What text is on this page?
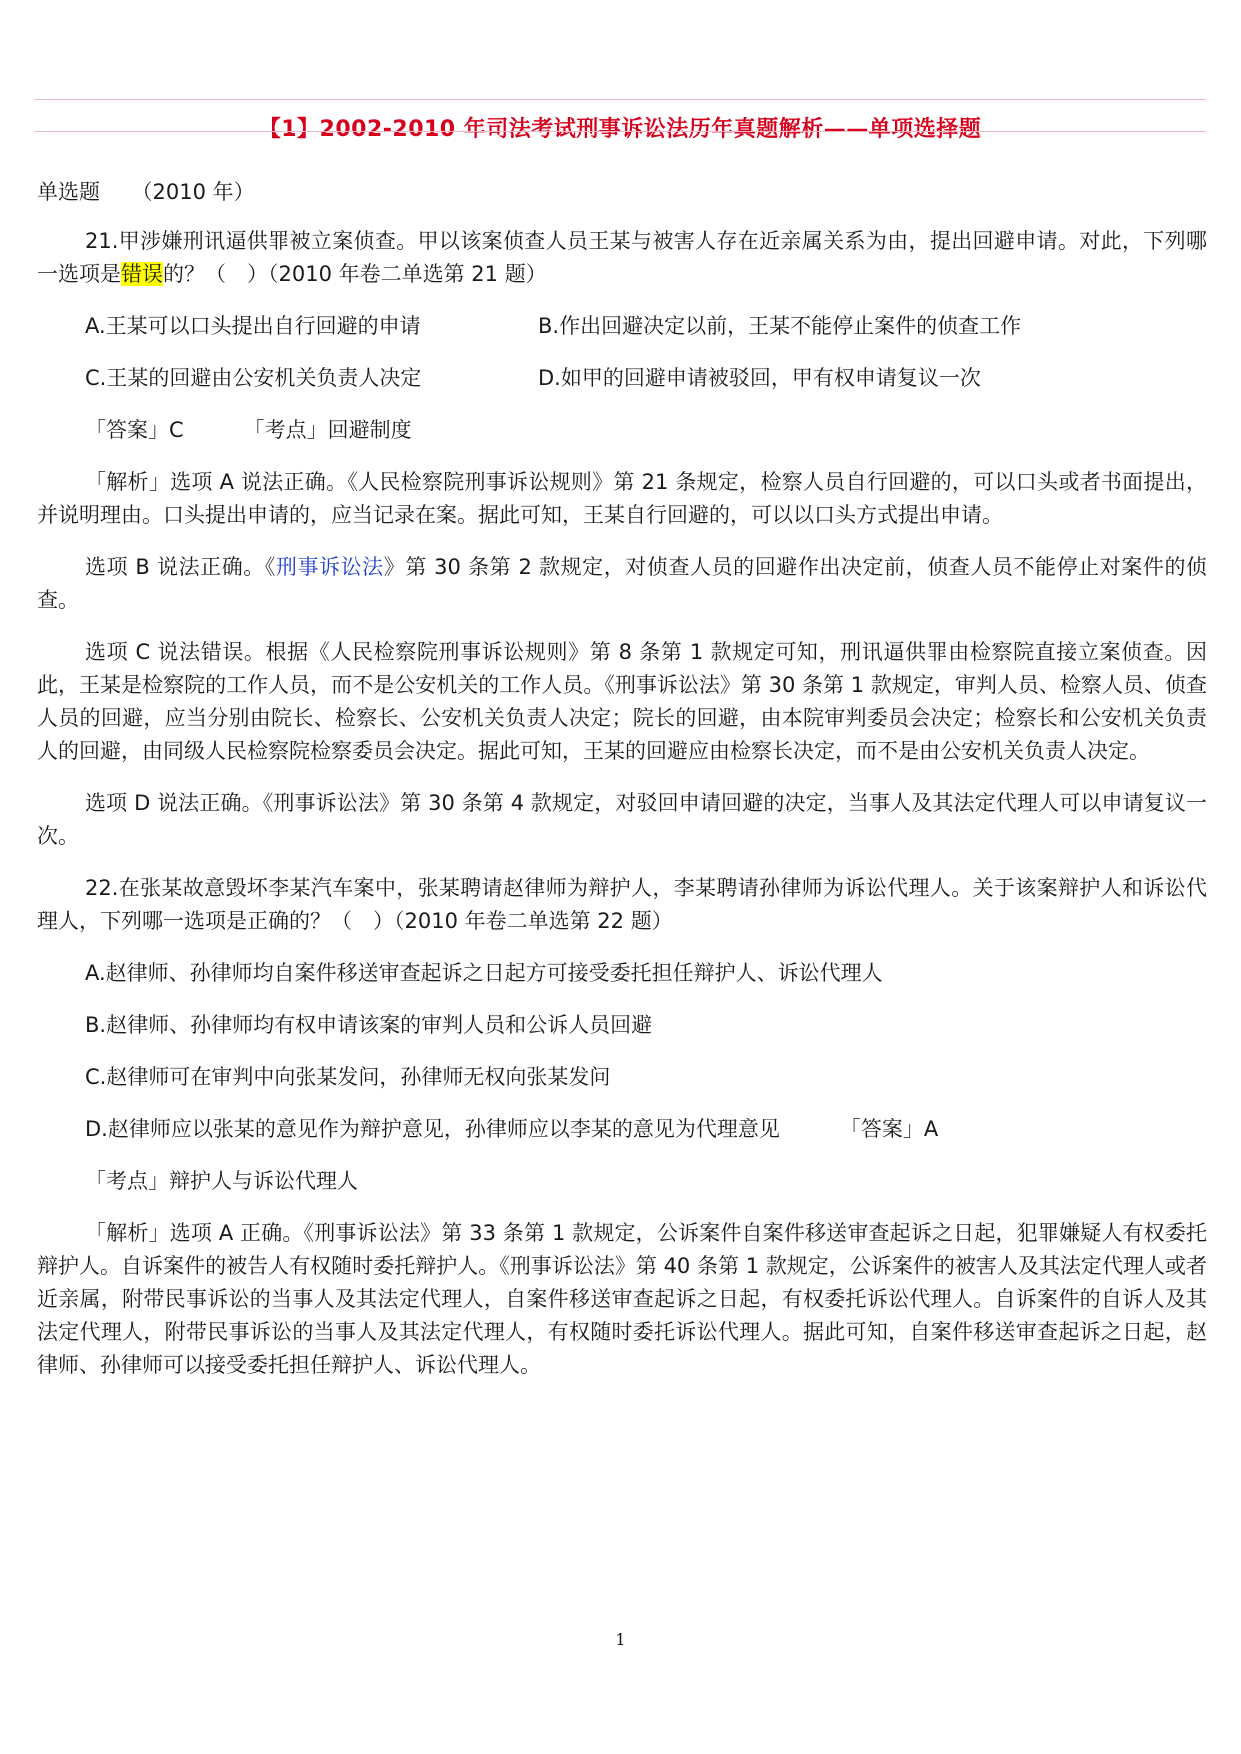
【1】2002-2010 年司法考试刑事诉讼法历年真题解析——单项选择题

单选题　　（2010 年）

21.甲涉嫌刑讯逼供罪被立案侦查。甲以该案侦查人员王某与被害人存在近亲属关系为由，提出回避申请。对此，下列哪一选项是错误的？（　）（2010 年卷二单选第 21 题）

A.王某可以口头提出自行回避的申请	B.作出回避决定以前，王某不能停止案件的侦查工作
C.王某的回避由公安机关负责人决定	D.如甲的回避申请被驳回，甲有权申请复议一次

「答案」C	「考点」回避制度

「解析」选项 A 说法正确。《人民检察院刑事诉讼规则》第 21 条规定，检察人员自行回避的，可以口头或者书面提出，并说明理由。口头提出申请的，应当记录在案。据此可知，王某自行回避的，可以以口头方式提出申请。

选项 B 说法正确。《刑事诉讼法》第 30 条第 2 款规定，对侦查人员的回避作出决定前，侦查人员不能停止对案件的侦查。

选项 C 说法错误。根据《人民检察院刑事诉讼规则》第 8 条第 1 款规定可知，刑讯逼供罪由检察院直接立案侦查。因此，王某是检察院的工作人员，而不是公安机关的工作人员。《刑事诉讼法》第 30 条第 1 款规定，审判人员、检察人员、侦查人员的回避，应当分别由院长、检察长、公安机关负责人决定；院长的回避，由本院审判委员会决定；检察长和公安机关负责人的回避，由同级人民检察院检察委员会决定。据此可知，王某的回避应由检察长决定，而不是由公安机关负责人决定。

选项 D 说法正确。《刑事诉讼法》第 30 条第 4 款规定，对驳回申请回避的决定，当事人及其法定代理人可以申请复议一次。

22.在张某故意毁坏李某汽车案中，张某聘请赵律师为辩护人，李某聘请孙律师为诉讼代理人。关于该案辩护人和诉讼代理人，下列哪一选项是正确的？（　）（2010 年卷二单选第 22 题）

A.赵律师、孙律师均自案件移送审查起诉之日起方可接受委托担任辩护人、诉讼代理人

B.赵律师、孙律师均有权申请该案的审判人员和公诉人员回避

C.赵律师可在审判中向张某发问，孙律师无权向张某发问

D.赵律师应以张某的意见作为辩护意见，孙律师应以李某的意见为代理意见	「答案」A

「考点」辩护人与诉讼代理人

「解析」选项 A 正确。《刑事诉讼法》第 33 条第 1 款规定，公诉案件自案件移送审查起诉之日起，犯罪嫌疑人有权委托辩护人。自诉案件的被告人有权随时委托辩护人。《刑事诉讼法》第 40 条第 1 款规定，公诉案件的被害人及其法定代理人或者近亲属，附带民事诉讼的当事人及其法定代理人，自案件移送审查起诉之日起，有权委托诉讼代理人。自诉案件的自诉人及其法定代理人，附带民事诉讼的当事人及其法定代理人，有权随时委托诉讼代理人。据此可知，自案件移送审查起诉之日起，赵律师、孙律师可以接受委托担任辩护人、诉讼代理人。

1
